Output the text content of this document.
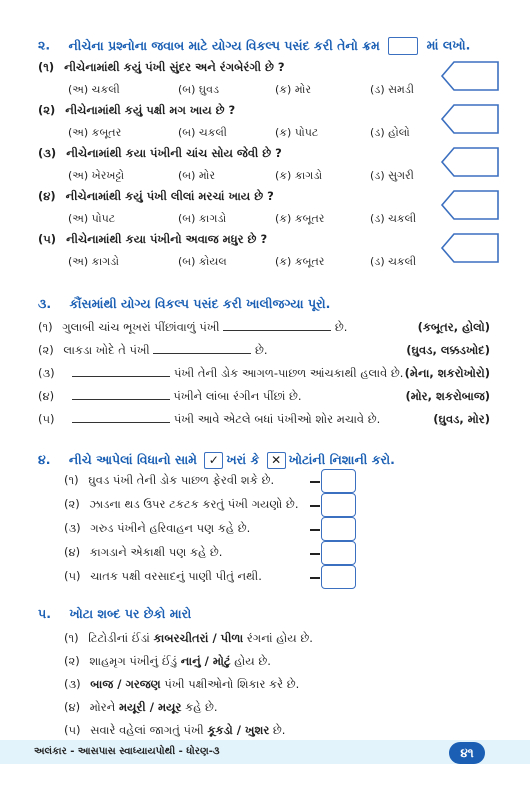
૨. નીચેના પ્રશ્નોના જવાબ માટે યોગ્ય વિકલ્પ પસંદ કરી તેનો ક્રમ	માં લખો.
(૧) નીચેનામાંથી કયું પંખી સુંદર અને રંગબેરંગી છે ?
(અ) ચકલી	(બ) ઘુવડ	(ક) મોર	(ડ) સમડી
(૨) નીચેનામાંથી કયું પક્ષી મગ ખાય છે ?
(અ) કબૂતર	(બ) ચકલી	(ક) પોપટ	(ડ) હોલો
(૩) નીચેનામાંથી કયા પંખીની ચાંચ સોય જેવી છે ?
(અ) ખેરખટ્ટો	(બ) મોર	(ક) કાગડો	(ડ) સુગરી
(૪) નીચેનામાંથી કયું પંખી લીલાં મરચાં ખાય છે ?
(અ) પોપટ	(બ) કાગડો	(ક) કબૂતર	(ડ) ચકલી
(૫) નીચેનામાંથી કયા પંખીનો અવાજ મધુર છે ?
(અ) કાગડો	(બ) કોયલ	(ક) કબૂતર	(ડ) ચકલી
૩. કૌંસમાંથી યોગ્ય વિકલ્પ પસંદ કરી ખાલીજગ્યા પૂરો.
(૧) ગુલાબી ચાંચ ભૂખરાં પીંછાંવાળું પંખી	છે.	(કબૂતર, હોલો)
(૨) લાકડા ખોદે તે પંખી	છે.	(ઘુવડ, લક્કડખોદ)
(૩)	પંખી તેની ડોક આગળ-પાછળ આંચકાથી હલાવે છે. (મેના, શકરોખોરો)
(૪)	પંખીને લાંબા રંગીન પીંછાં છે.	(મોર, શકરોબાજ)
(૫)	પંખી આવે એટલે બધાં પંખીઓ શોર મચાવે છે.	(ઘુવડ, મોર)
૪. નીચે આપેલાં વિધાનો સામે ✓ ખરાં કે ✕ ખોટાંની નિશાની કરો.
(૧) ઘુવડ પંખી તેની ડોક પાછળ ફેરવી શકે છે.
(૨) ઝાડના થડ ઉપર ટકટક કરતું પંખી ગયણો છે.
(૩) ગરુડ પંખીને હરિવાહન પણ કહે છે.
(૪) કાગડાને એકાક્ષી પણ કહે છે.
(૫) ચાતક પક્ષી વરસાદનું પાણી પીતું નથી.
૫. ખોટા શબ્દ પર છેકો મારો
(૧) ટિટોડીનાં ઈંડાં કાબરચીતરાં / પીળા રંગનાં હોય છે.
(૨) શાહમૃગ પંખીનું ઈંડું નાનું / મોટું હોય છે.
(૩) બાજ / ગરજણ પંખી પક્ષીઓનો શિકાર કરે છે.
(૪) મોરને મયૂરી / મયૂર કહે છે.
(૫) સવારે વહેલાં જાગતું પંખી કૂકડો / ખુશર છે.
અલંકાર - આસપાસ સ્વાધ્યાયપોથી - ધોરણ-૩	૪૧
